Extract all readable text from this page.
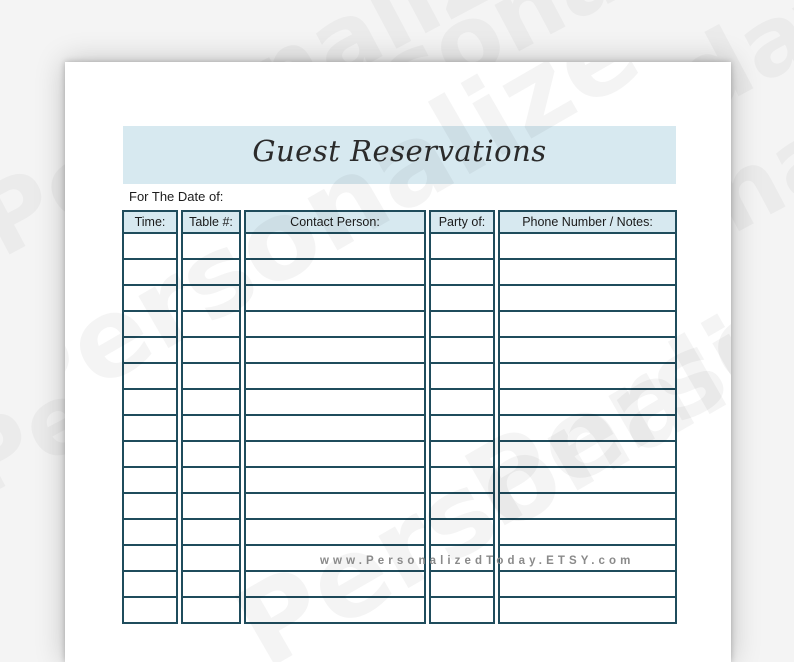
Guest Reservations
For The Date of:
Time:	Table #:	Contact Person:	Party of:	Phone Number / Notes:

www.PersonalizedToday.ETSY.com
